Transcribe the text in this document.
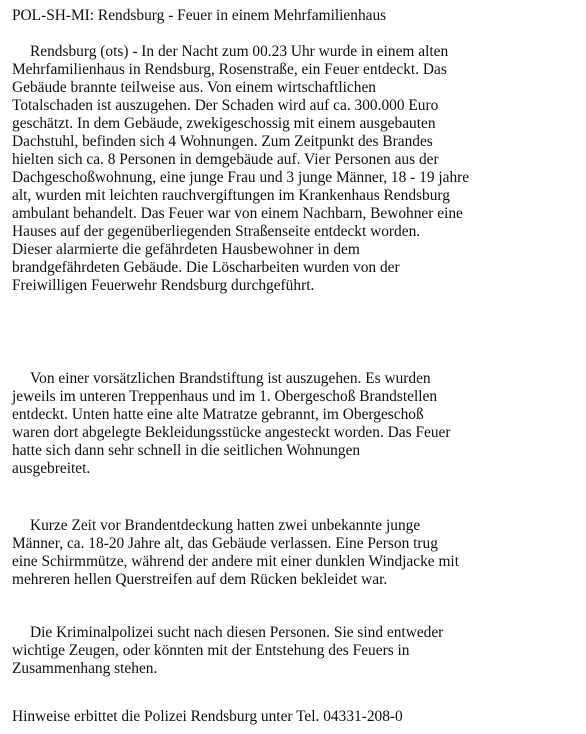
POL-SH-MI: Rendsburg - Feuer in einem Mehrfamilienhaus
Rendsburg (ots) - In der Nacht zum 00.23 Uhr wurde in einem alten
Mehrfamilienhaus in Rendsburg, Rosenstraße, ein Feuer entdeckt. Das
Gebäude brannte teilweise aus. Von einem wirtschaftlichen
Totalschaden ist auszugehen. Der Schaden wird auf ca. 300.000 Euro
geschätzt. In dem Gebäude, zwekigeschossig mit einem ausgebauten
Dachstuhl, befinden sich 4 Wohnungen. Zum Zeitpunkt des Brandes
hielten sich ca. 8 Personen in demgebäude auf. Vier Personen aus der
Dachgeschoßwohnung, eine junge Frau und 3 junge Männer, 18 - 19 jahre
alt, wurden mit leichten rauchvergiftungen im Krankenhaus Rendsburg
ambulant behandelt. Das Feuer war von einem Nachbarn, Bewohner eine
Hauses auf der gegenüberliegenden Straßenseite entdeckt worden.
Dieser alarmierte die gefährdeten Hausbewohner in dem
brandgefährdeten Gebäude. Die Löscharbeiten wurden von der
Freiwilligen Feuerwehr Rendsburg durchgeführt.
Von einer vorsätzlichen Brandstiftung ist auszugehen. Es wurden
jeweils im unteren Treppenhaus und im 1. Obergeschoß Brandstellen
entdeckt. Unten hatte eine alte Matratze gebrannt, im Obergeschoß
waren dort abgelegte Bekleidungsstücke angesteckt worden. Das Feuer
hatte sich dann sehr schnell in die seitlichen Wohnungen
ausgebreitet.
Kurze Zeit vor Brandentdeckung hatten zwei unbekannte junge
Männer, ca. 18-20 Jahre alt, das Gebäude verlassen. Eine Person trug
eine Schirmmütze, während der andere mit einer dunklen Windjacke mit
mehreren hellen Querstreifen auf dem Rücken bekleidet war.
Die Kriminalpolizei sucht nach diesen Personen. Sie sind entweder
wichtige Zeugen, oder könnten mit der Entstehung des Feuers in
Zusammenhang stehen.
Hinweise erbittet die Polizei Rendsburg unter Tel. 04331-208-0
